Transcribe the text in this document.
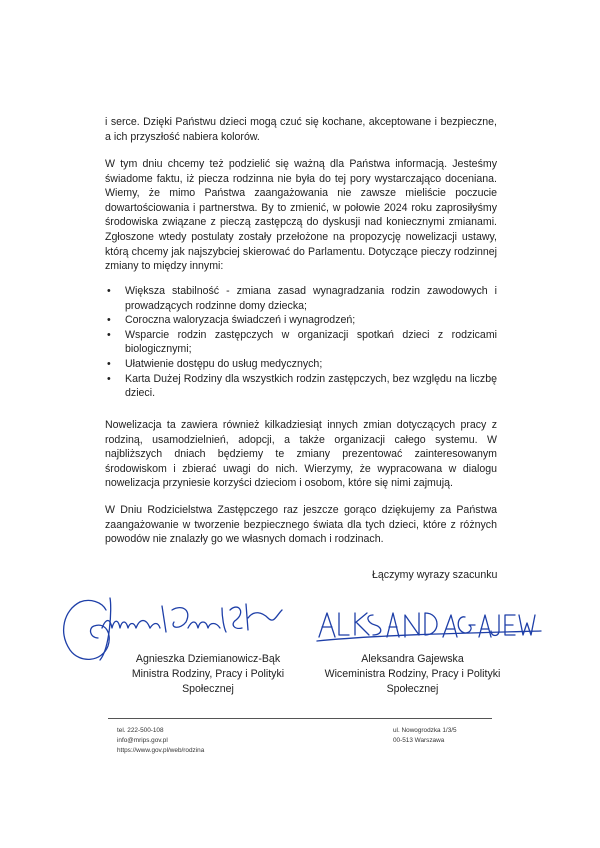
i serce. Dzięki Państwu dzieci mogą czuć się kochane, akceptowane i bezpieczne, a ich przyszłość nabiera kolorów.

W tym dniu chcemy też podzielić się ważną dla Państwa informacją. Jesteśmy świadome faktu, iż piecza rodzinna nie była do tej pory wystarczająco doceniana. Wiemy, że mimo Państwa zaangażowania nie zawsze mieliście poczucie dowartościowania i partnerstwa. By to zmienić, w połowie 2024 roku zaprosiłyśmy środowiska związane z pieczą zastępczą do dyskusji nad koniecznymi zmianami. Zgłoszone wtedy postulaty zostały przełożone na propozycję nowelizacji ustawy, którą chcemy jak najszybciej skierować do Parlamentu. Dotyczące pieczy rodzinnej zmiany to między innymi:

• Większa stabilność - zmiana zasad wynagradzania rodzin zawodowych i prowadzących rodzinne domy dziecka;
• Coroczna waloryzacja świadczeń i wynagrodzeń;
• Wsparcie rodzin zastępczych w organizacji spotkań dzieci z rodzicami biologicznymi;
• Ułatwienie dostępu do usług medycznych;
• Karta Dużej Rodziny dla wszystkich rodzin zastępczych, bez względu na liczbę dzieci.

Nowelizacja ta zawiera również kilkadziesiąt innych zmian dotyczących pracy z rodziną, usamodzielnień, adopcji, a także organizacji całego systemu. W najbliższych dniach będziemy te zmiany prezentować zainteresowanym środowiskom i zbierać uwagi do nich. Wierzymy, że wypracowana w dialogu nowelizacja przyniesie korzyści dzieciom i osobom, które się nimi zajmują.

W Dniu Rodzicielstwa Zastępczego raz jeszcze gorąco dziękujemy za Państwa zaangażowanie w tworzenie bezpiecznego świata dla tych dzieci, które z różnych powodów nie znalazły go we własnych domach i rodzinach.

Łączymy wyrazy szacunku
Agnieszka Dziemianowicz-Bąk
Ministra Rodziny, Pracy i Polityki
Społecznej
Aleksandra Gajewska
Wiceministra Rodziny, Pracy i Polityki
Społecznej
tel. 222-500-108
info@mrips.gov.pl
https://www.gov.pl/web/rodzina
ul. Nowogrodzka 1/3/5
00-513 Warszawa
